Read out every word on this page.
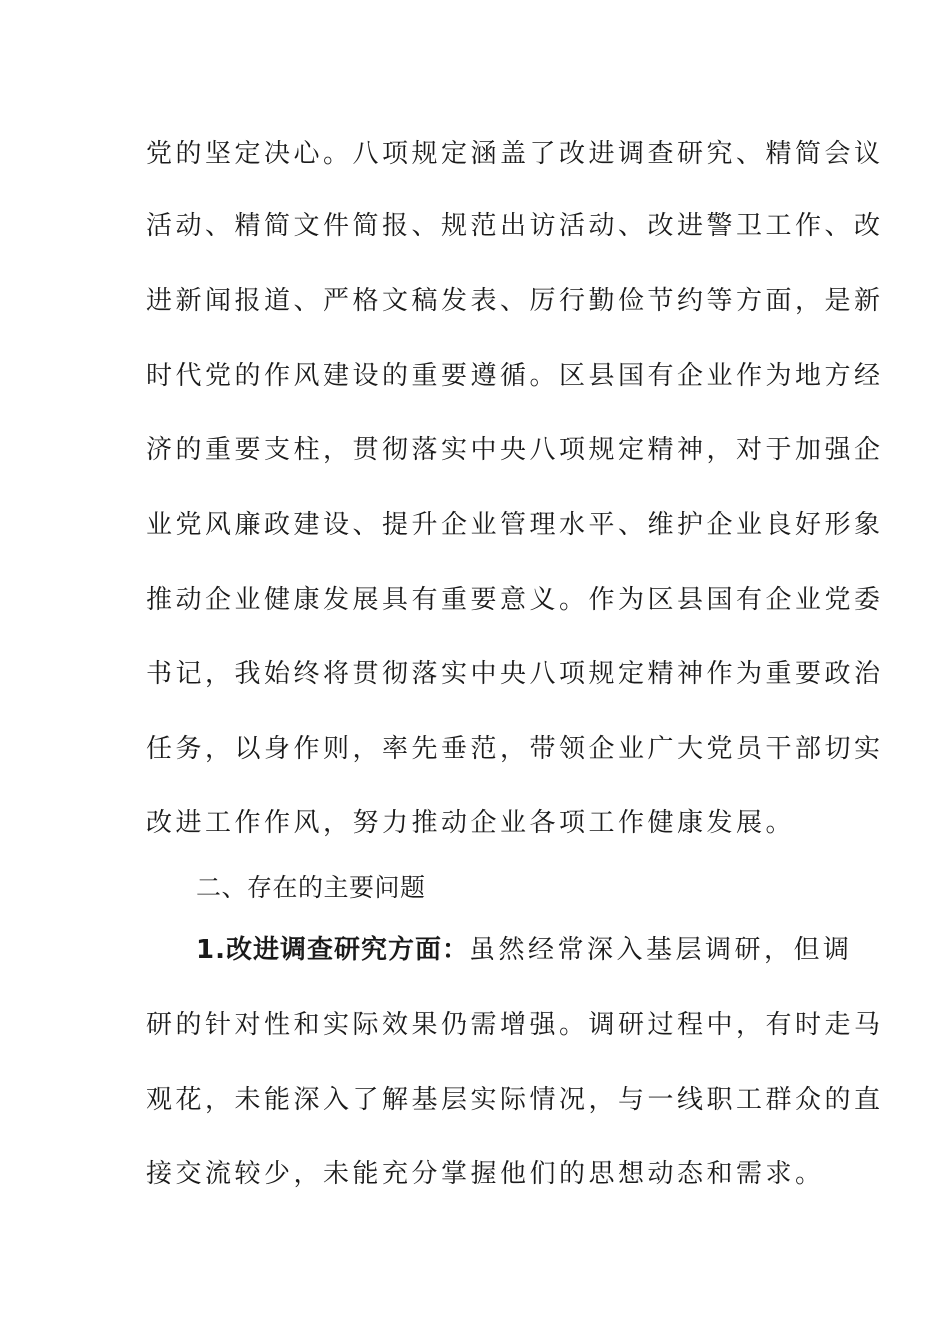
党的坚定决心。八项规定涵盖了改进调查研究、精简会议
活动、精简文件简报、规范出访活动、改进警卫工作、改
进新闻报道、严格文稿发表、厉行勤俭节约等方面，是新
时代党的作风建设的重要遵循。区县国有企业作为地方经
济的重要支柱，贯彻落实中央八项规定精神，对于加强企
业党风廉政建设、提升企业管理水平、维护企业良好形象
推动企业健康发展具有重要意义。作为区县国有企业党委
书记，我始终将贯彻落实中央八项规定精神作为重要政治
任务，以身作则，率先垂范，带领企业广大党员干部切实
改进工作作风，努力推动企业各项工作健康发展。
二、存在的主要问题
1.改进调查研究方面：虽然经常深入基层调研，但调
研的针对性和实际效果仍需增强。调研过程中，有时走马
观花，未能深入了解基层实际情况，与一线职工群众的直
接交流较少，未能充分掌握他们的思想动态和需求。
